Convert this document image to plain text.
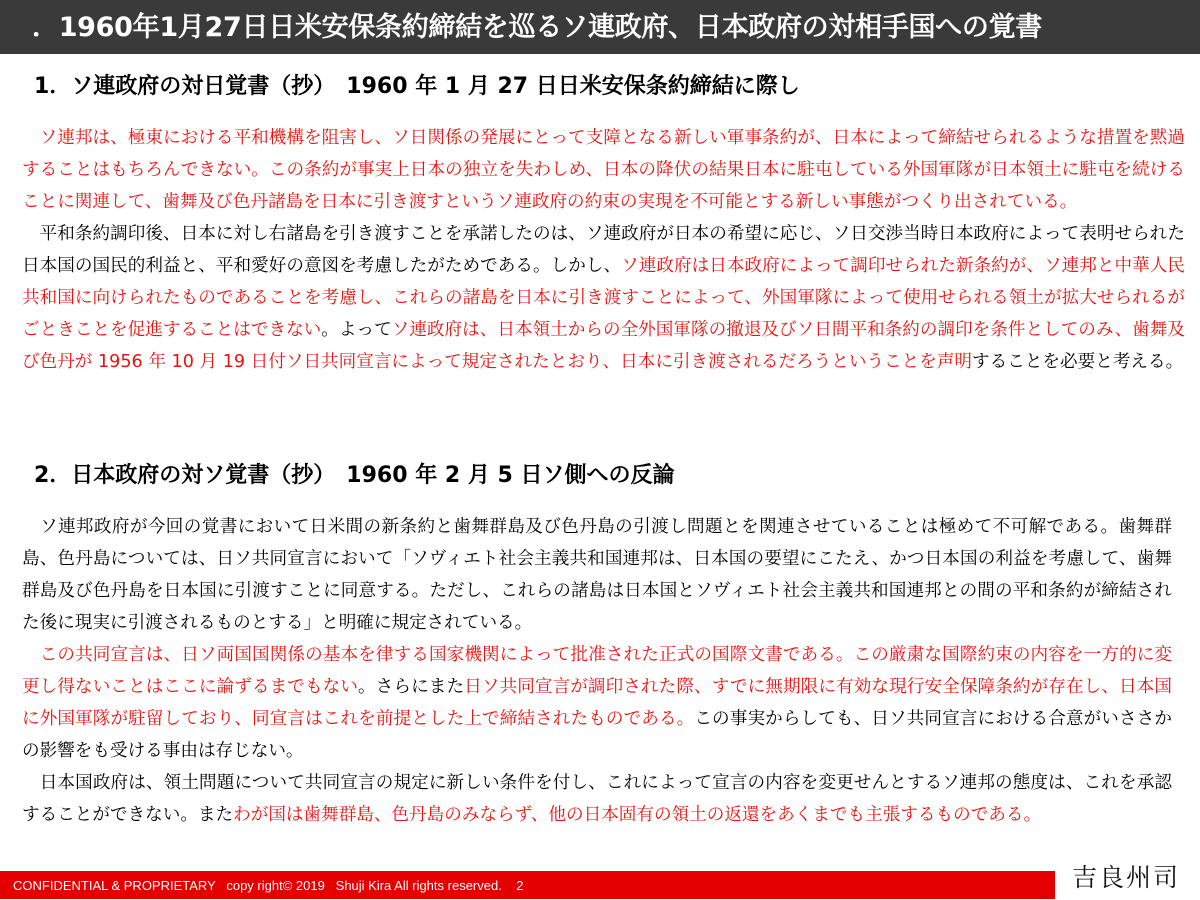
．1960年1月27日日米安保条約締結を巡るソ連政府、日本政府の対相手国への覚書
1．ソ連政府の対日覚書（抄）　1960 年 1 月 27 日日米安保条約締結に際し
　ソ連邦は、極東における平和機構を阻害し、ソ日関係の発展にとって支障となる新しい軍事条約が、日本によって締結せられるような措置を黙過することはもちろんできない。この条約が事実上日本の独立を失わしめ、日本の降伏の結果日本に駐屯している外国軍隊が日本領土に駐屯を続けることに関連して、歯舞及び色丹諸島を日本に引き渡すというソ連政府の約束の実現を不可能とする新しい事態がつくり出されている。
　平和条約調印後、日本に対し右諸島を引き渡すことを承諾したのは、ソ連政府が日本の希望に応じ、ソ日交渉当時日本政府によって表明せられた日本国の国民的利益と、平和愛好の意図を考慮したがためである。しかし、ソ連政府は日本政府によって調印せられた新条約が、ソ連邦と中華人民共和国に向けられたものであることを考慮し、これらの諸島を日本に引き渡すことによって、外国軍隊によって使用せられる領土が拡大せられるがごときことを促進することはできない。よってソ連政府は、日本領土からの全外国軍隊の撤退及びソ日間平和条約の調印を条件としてのみ、歯舞及び色丹が 1956 年 10 月 19 日付ソ日共同宣言によって規定されたとおり、日本に引き渡されるだろうということを声明することを必要と考える。
2．日本政府の対ソ覚書（抄）　1960 年 2 月 5 日ソ側への反論
　ソ連邦政府が今回の覚書において日米間の新条約と歯舞群島及び色丹島の引渡し問題とを関連させていることは極めて不可解である。歯舞群島、色丹島については、日ソ共同宣言において「ソヴィエト社会主義共和国連邦は、日本国の要望にこたえ、かつ日本国の利益を考慮して、歯舞群島及び色丹島を日本国に引渡すことに同意する。ただし、これらの諸島は日本国とソヴィエト社会主義共和国連邦との間の平和条約が締結された後に現実に引渡されるものとする」と明確に規定されている。
　この共同宣言は、日ソ両国国関係の基本を律する国家機関によって批准された正式の国際文書である。この厳粛な国際約束の内容を一方的に変更し得ないことはここに論ずるまでもない。さらにまた日ソ共同宣言が調印された際、すでに無期限に有効な現行安全保障条約が存在し、日本国に外国軍隊が駐留しており、同宣言はこれを前提とした上で締結されたものである。この事実からしても、日ソ共同宣言における合意がいささかの影響をも受ける事由は存じない。
　日本国政府は、領土問題について共同宣言の規定に新しい条件を付し、これによって宣言の内容を変更せんとするソ連邦の態度は、これを承認することができない。またわが国は歯舞群島、色丹島のみならず、他の日本固有の領土の返還をあくまでも主張するものである。
CONFIDENTIAL & PROPRIETARY   copy right© 2019   Shuji Kira All rights reserved.    2	吉良州司
